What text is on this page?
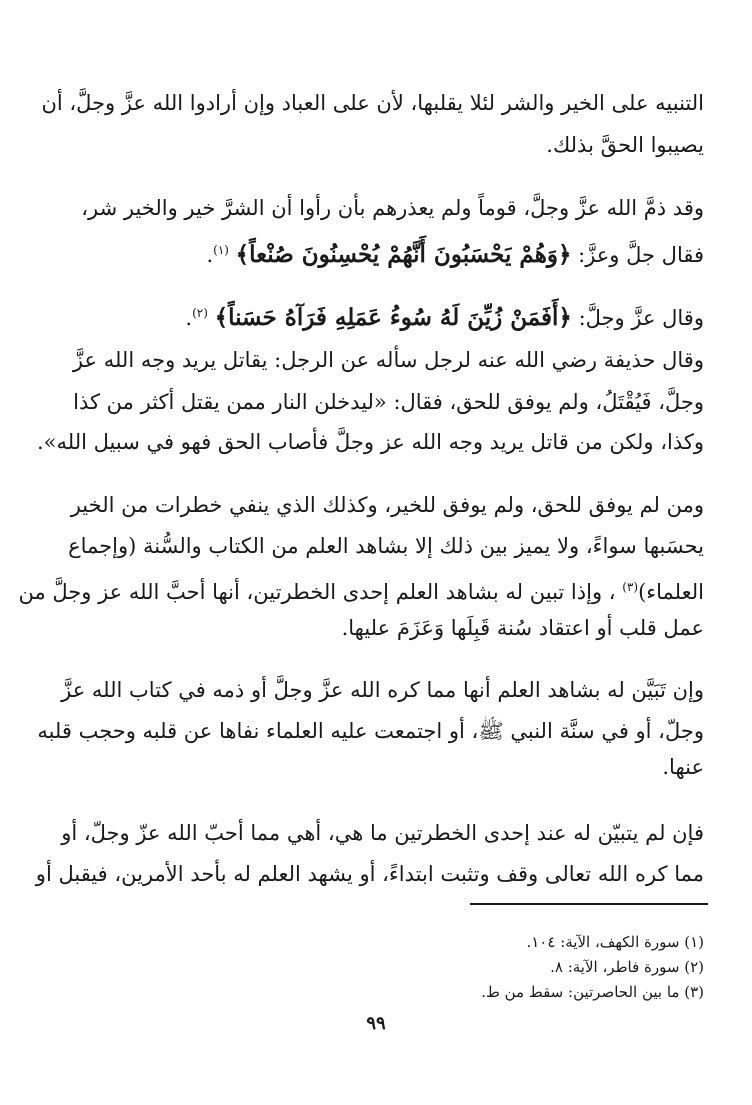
التنبيه على الخير والشر لئلا يقلبها، لأن على العباد وإن أرادوا الله عزَّ وجلَّ، أن
يصيبوا الحقَّ بذلك.
وقد ذمَّ الله عزَّ وجلَّ، قوماً ولم يعذرهم بأن رأوا أن الشرَّ خير والخير شر،
فقال جلَّ وعزَّ: ﴿وَهُمْ يَحْسَبُونَ أَنَّهُمْ يُحْسِنُونَ صُنْعاً﴾ $^{(١)}$.
وقال عزَّ وجلَّ: ﴿أَفَمَنْ زُيِّنَ لَهُ سُوءُ عَمَلِهِ فَرَآهُ حَسَناً﴾ $^{(٢)}$.
وقال حذيفة رضي الله عنه لرجل سأله عن الرجل: يقاتل يريد وجه الله عزَّ
وجلَّ، فَيُقْتَلُ، ولم يوفق للحق، فقال: «ليدخلن النار ممن يقتل أكثر من كذا
وكذا، ولكن من قاتل يريد وجه الله عز وجلَّ فأصاب الحق فهو في سبيل الله».
ومن لم يوفق للحق، ولم يوفق للخير، وكذلك الذي ينفي خطرات من الخير
يحسَبها سواءً، ولا يميز بين ذلك إلا بشاهد العلم من الكتاب والسُّنة (وإجماع
العلماء)$^{(٣)}$ ، وإذا تبين له بشاهد العلم إحدى الخطرتين، أنها أحبَّ الله عز وجلَّ من
عمل قلب أو اعتقاد سُنة قَبِلَها وَعَزَمَ عليها.
وإن تَبَيَّن له بشاهد العلم أنها مما كره الله عزَّ وجلَّ أو ذمه في كتاب الله عزَّ
وجلّ، أو في سنَّة النبي ﷺ، أو اجتمعت عليه العلماء نفاها عن قلبه وحجب قلبه
عنها.
فإن لم يتبيّن له عند إحدى الخطرتين ما هي، أهي مما أحبّ الله عزّ وجلّ، أو
مما كره الله تعالى وقف وتثبت ابتداءً، أو يشهد العلم له بأحد الأمرين، فيقبل أو
(١) سورة الكهف، الآية: ١٠٤.
(٢) سورة فاطر، الآية: ٨.
(٣) ما بين الحاصرتين: سقط من ط.
٩٩
